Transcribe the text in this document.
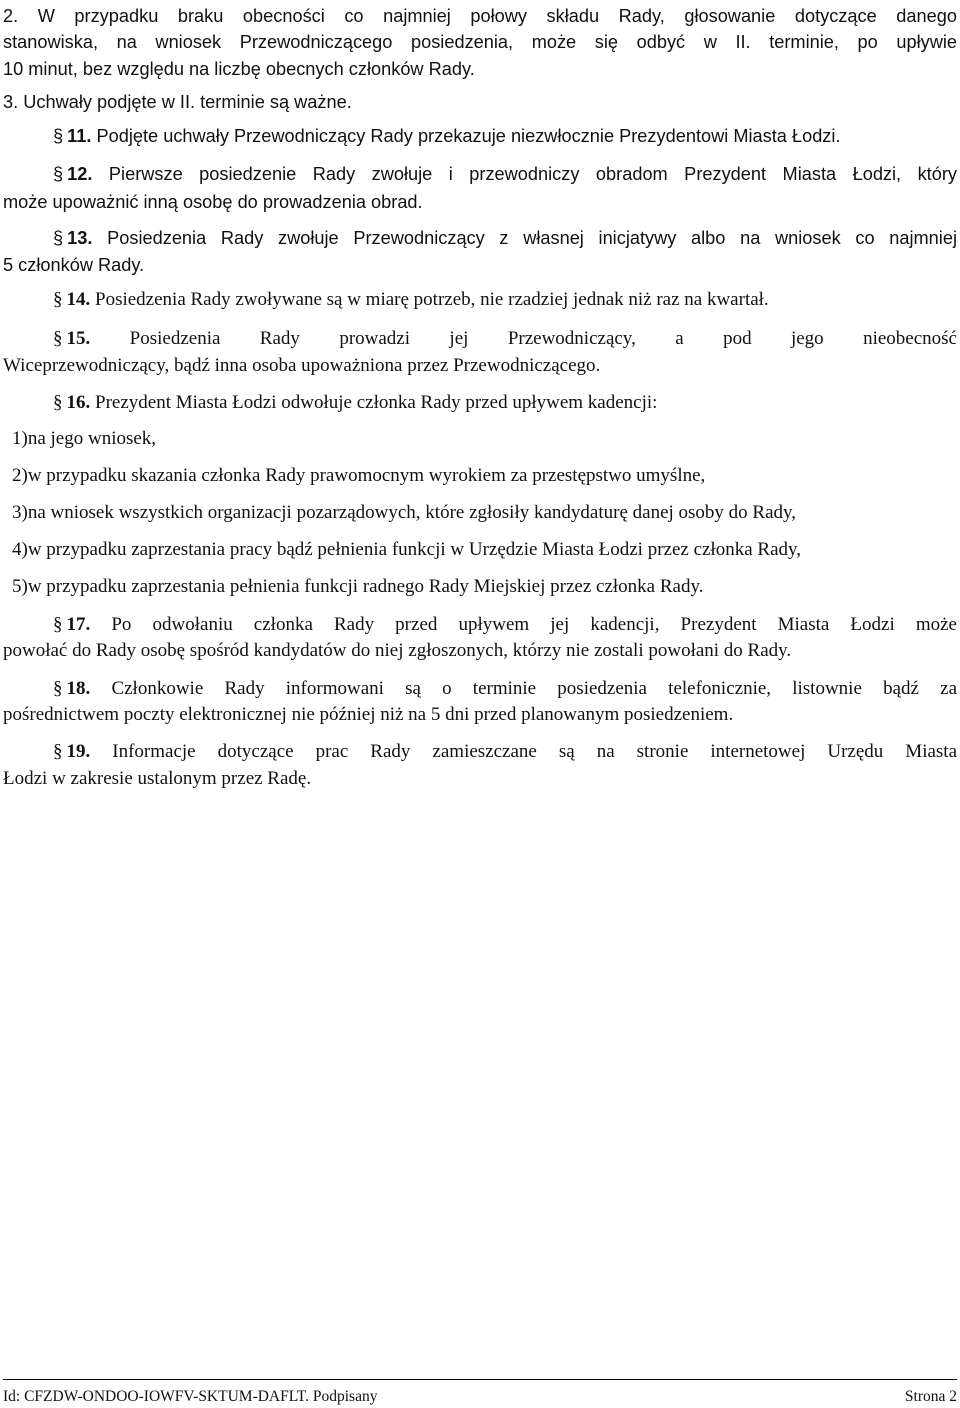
2. W przypadku braku obecności co najmniej połowy składu Rady, głosowanie dotyczące danego
stanowiska, na wniosek Przewodniczącego posiedzenia, może się odbyć w II. terminie, po upływie
10 minut, bez względu na liczbę obecnych członków Rady.
3. Uchwały podjęte w II. terminie są ważne.
§ 11. Podjęte uchwały Przewodniczący Rady przekazuje niezwłocznie Prezydentowi Miasta Łodzi.
§ 12. Pierwsze posiedzenie Rady zwołuje i przewodniczy obradom Prezydent Miasta Łodzi, który
może upoważnić inną osobę do prowadzenia obrad.
§ 13. Posiedzenia Rady zwołuje Przewodniczący z własnej inicjatywy albo na wniosek co najmniej
5 członków Rady.
§ 14. Posiedzenia Rady zwoływane są w miarę potrzeb, nie rzadziej jednak niż raz na kwartał.
§ 15. Posiedzenia Rady prowadzi jej Przewodniczący, a pod jego nieobecność
Wiceprzewodniczący, bądź inna osoba upoważniona przez Przewodniczącego.
§ 16. Prezydent Miasta Łodzi odwołuje członka Rady przed upływem kadencji:
1)na jego wniosek,
2)w przypadku skazania członka Rady prawomocnym wyrokiem za przestępstwo umyślne,
3)na wniosek wszystkich organizacji pozarządowych, które zgłosiły kandydaturę danej osoby do Rady,
4)w przypadku zaprzestania pracy bądź pełnienia funkcji w Urzędzie Miasta Łodzi przez członka Rady,
5)w przypadku zaprzestania pełnienia funkcji radnego Rady Miejskiej przez członka Rady.
§ 17. Po odwołaniu członka Rady przed upływem jej kadencji, Prezydent Miasta Łodzi może
powołać do Rady osobę spośród kandydatów do niej zgłoszonych, którzy nie zostali powołani do Rady.
§ 18. Członkowie Rady informowani są o terminie posiedzenia telefonicznie, listownie bądź za
pośrednictwem poczty elektronicznej nie później niż na 5 dni przed planowanym posiedzeniem.
§ 19. Informacje dotyczące prac Rady zamieszczane są na stronie internetowej Urzędu Miasta
Łodzi w zakresie ustalonym przez Radę.
Id: CFZDW-ONDOO-IOWFV-SKTUM-DAFLT. Podpisany	Strona 2
